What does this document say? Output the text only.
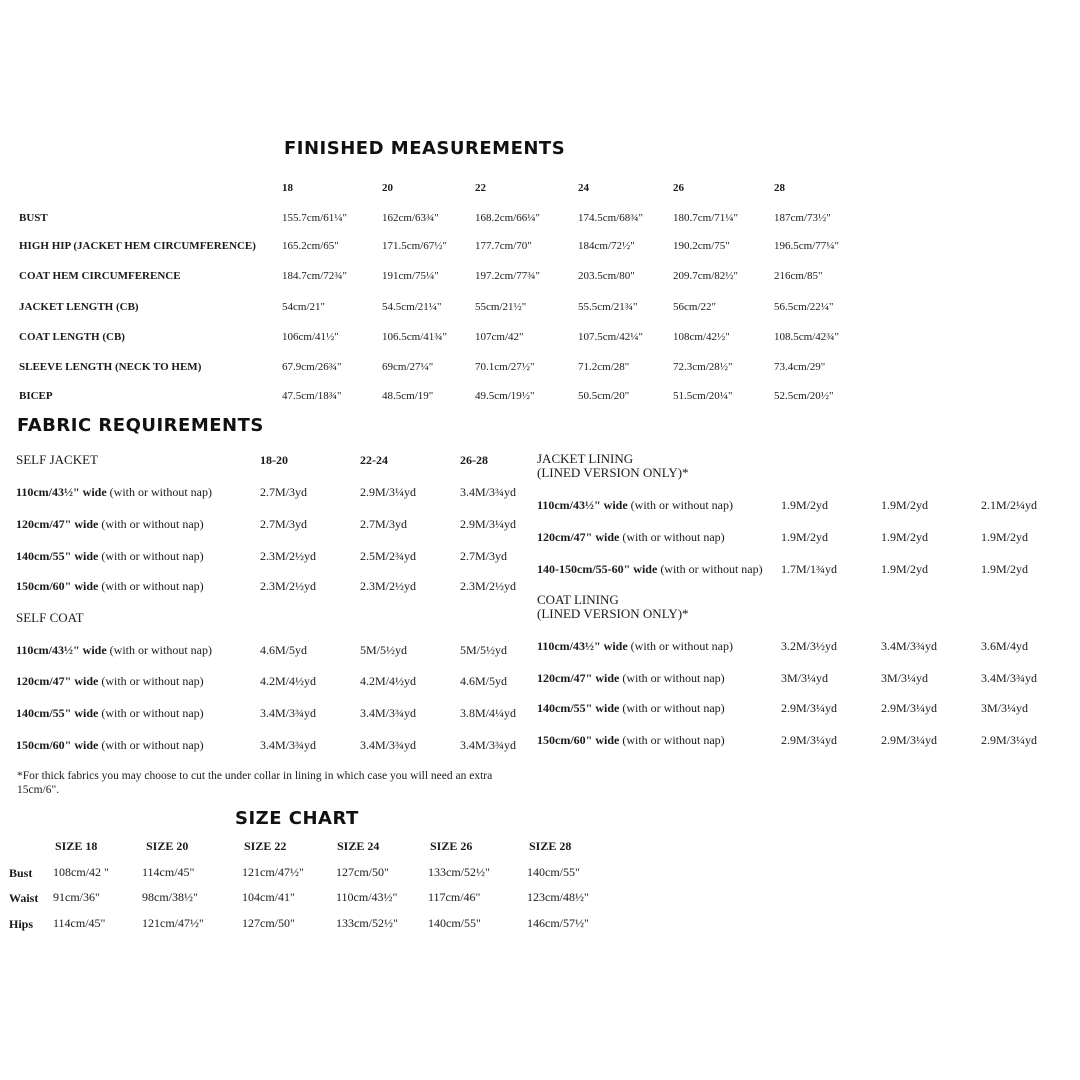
FINISHED MEASUREMENTS
18	20	22	24	26	28
BUST	155.7cm/61¼"	162cm/63¾"	168.2cm/66¼"	174.5cm/68¾"	180.7cm/71¼"	187cm/73½"
HIGH HIP (JACKET HEM CIRCUMFERENCE) 165.2cm/65"	171.5cm/67½"	177.7cm/70"	184cm/72½"	190.2cm/75"	196.5cm/77¼"
COAT HEM CIRCUMFERENCE	184.7cm/72¾"	191cm/75¼"	197.2cm/77¾"	203.5cm/80"	209.7cm/82½"	216cm/85"
JACKET LENGTH (CB)	54cm/21"	54.5cm/21¼"	55cm/21½"	55.5cm/21¾"	56cm/22"	56.5cm/22¼"
COAT LENGTH (CB)	106cm/41½"	106.5cm/41¾"	107cm/42"	107.5cm/42¼"	108cm/42½"	108.5cm/42¾"
SLEEVE LENGTH (NECK TO HEM)	67.9cm/26¾"	69cm/27¼"	70.1cm/27½"	71.2cm/28"	72.3cm/28½"	73.4cm/29"
BICEP	47.5cm/18¾"	48.5cm/19"	49.5cm/19½"	50.5cm/20"	51.5cm/20¼"	52.5cm/20½"
FABRIC REQUIREMENTS
SELF JACKET	18-20	22-24	26-28
SELF COAT
JACKET LINING
(LINED VERSION ONLY)*
COAT LINING
(LINED VERSION ONLY)*
110cm/43½" wide (with or without nap)	2.7M/3yd	2.9M/3¼yd	3.4M/3¾yd
120cm/47" wide (with or without nap)	2.7M/3yd	2.7M/3yd	2.9M/3¼yd
140cm/55" wide (with or without nap)	2.3M/2½yd	2.5M/2¾yd	2.7M/3yd
150cm/60" wide (with or without nap)	2.3M/2½yd	2.3M/2½yd	2.3M/2½yd
110cm/43½" wide (with or without nap)	4.6M/5yd	5M/5½yd	5M/5½yd
120cm/47" wide (with or without nap)	4.2M/4½yd	4.2M/4½yd	4.6M/5yd
140cm/55" wide (with or without nap)	3.4M/3¾yd	3.4M/3¾yd	3.8M/4¼yd
150cm/60" wide (with or without nap)	3.4M/3¾yd	3.4M/3¾yd	3.4M/3¾yd
110cm/43½" wide (with or without nap)	1.9M/2yd	1.9M/2yd	2.1M/2¼yd
120cm/47" wide (with or without nap)	1.9M/2yd	1.9M/2yd	1.9M/2yd
140-150cm/55-60" wide (with or without nap) 1.7M/1¾yd	1.9M/2yd	1.9M/2yd
110cm/43½" wide (with or without nap)	3.2M/3½yd	3.4M/3¾yd	3.6M/4yd
120cm/47" wide (with or without nap)	3M/3¼yd	3M/3¼yd	3.4M/3¾yd
140cm/55" wide (with or without nap)	2.9M/3¼yd	2.9M/3¼yd	3M/3¼yd
150cm/60" wide (with or without nap)	2.9M/3¼yd	2.9M/3¼yd	2.9M/3¼yd
*For thick fabrics you may choose to cut the under collar in lining in which case you will need an extra 15cm/6".
SIZE CHART
SIZE 18	SIZE 20	SIZE 22	SIZE 24	SIZE 26	SIZE 28
Bust 108cm/42 "	114cm/45"	121cm/47½"	127cm/50"	133cm/52½"	140cm/55"
Waist 91cm/36"	98cm/38½"	104cm/41"	110cm/43½"	117cm/46"	123cm/48½"
Hips 114cm/45"	121cm/47½"	127cm/50"	133cm/52½"	140cm/55"	146cm/57½"
